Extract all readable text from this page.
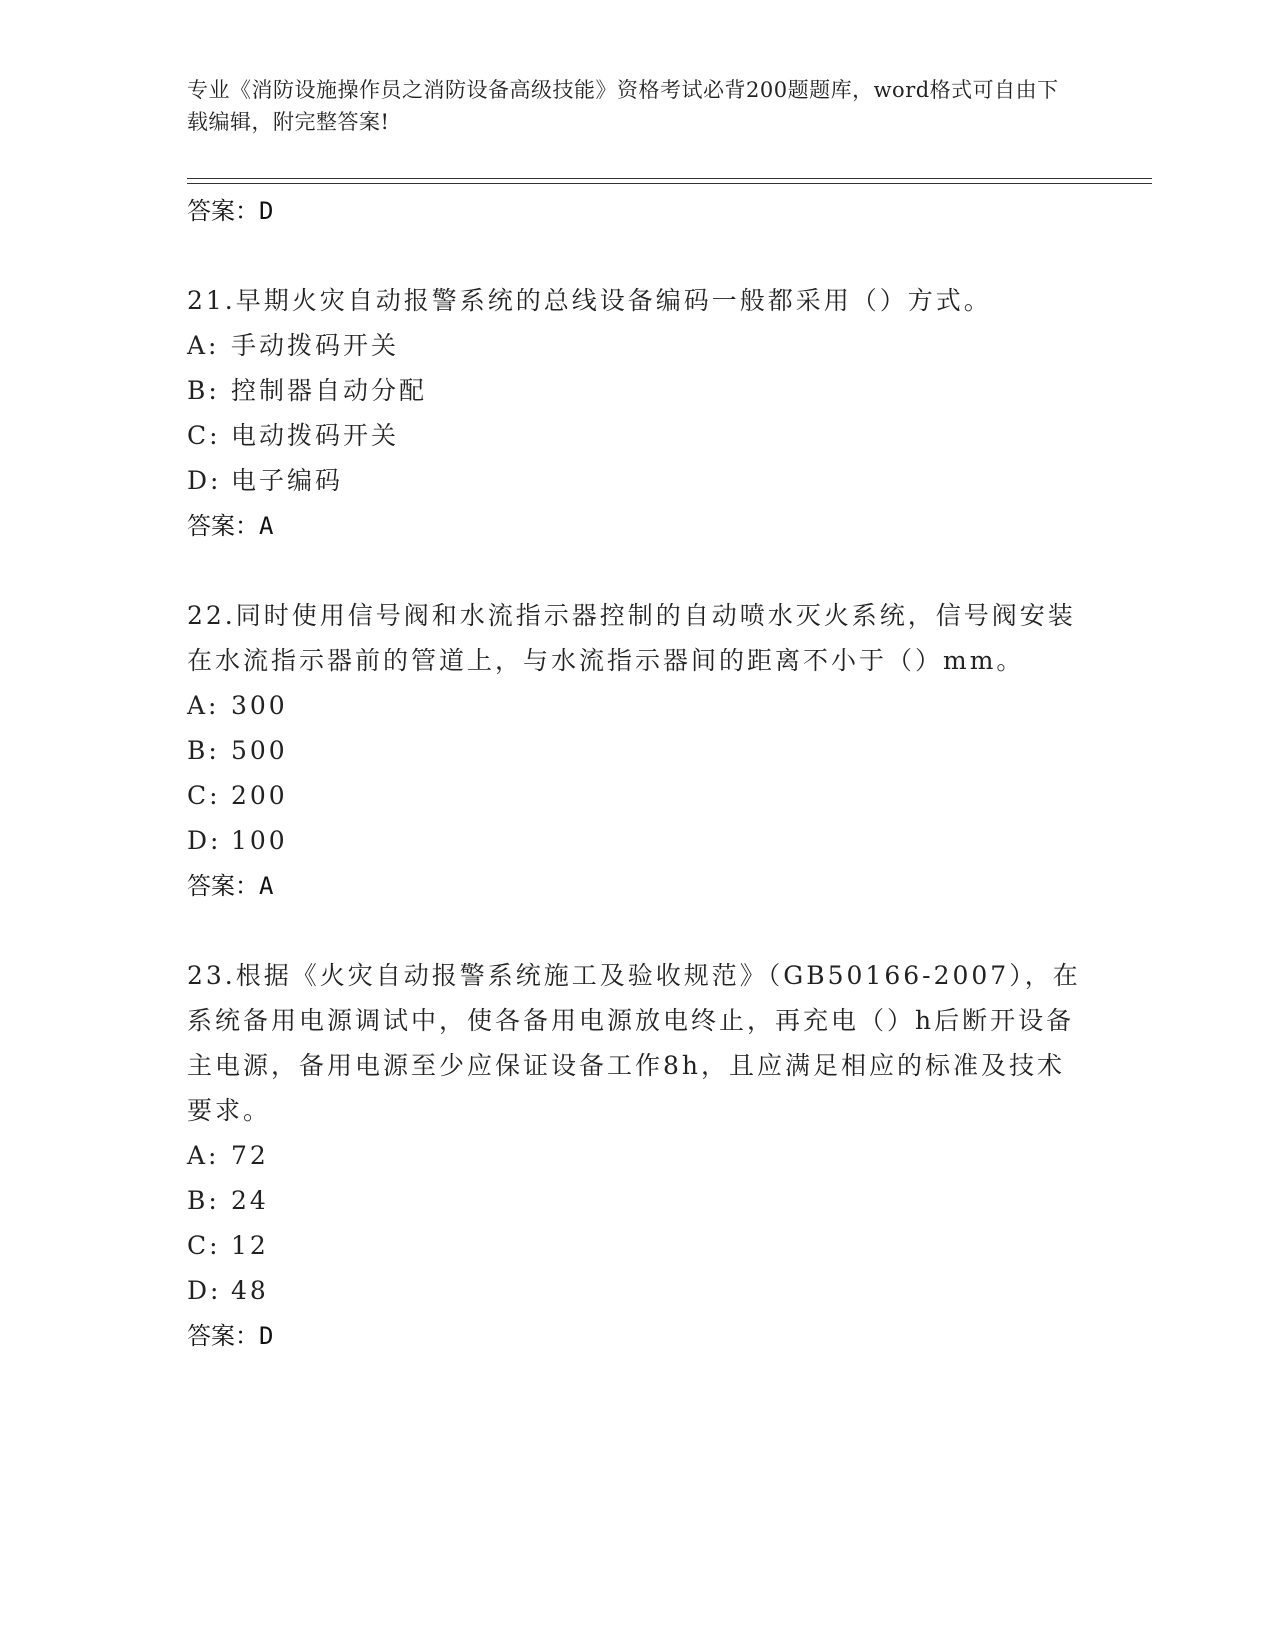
专业《消防设施操作员之消防设备高级技能》资格考试必背200题题库，word格式可自由下载编辑，附完整答案!
答案：D
21.早期火灾自动报警系统的总线设备编码一般都采用（）方式。
A: 手动拨码开关
B: 控制器自动分配
C: 电动拨码开关
D: 电子编码
答案：A
22.同时使用信号阀和水流指示器控制的自动喷水灭火系统，信号阀安装在水流指示器前的管道上，与水流指示器间的距离不小于（）mm。
A: 300
B: 500
C: 200
D: 100
答案：A
23.根据《火灾自动报警系统施工及验收规范》（GB50166-2007），在系统备用电源调试中，使各备用电源放电终止，再充电（）h后断开设备主电源，备用电源至少应保证设备工作8h，且应满足相应的标准及技术要求。
A: 72
B: 24
C: 12
D: 48
答案：D
